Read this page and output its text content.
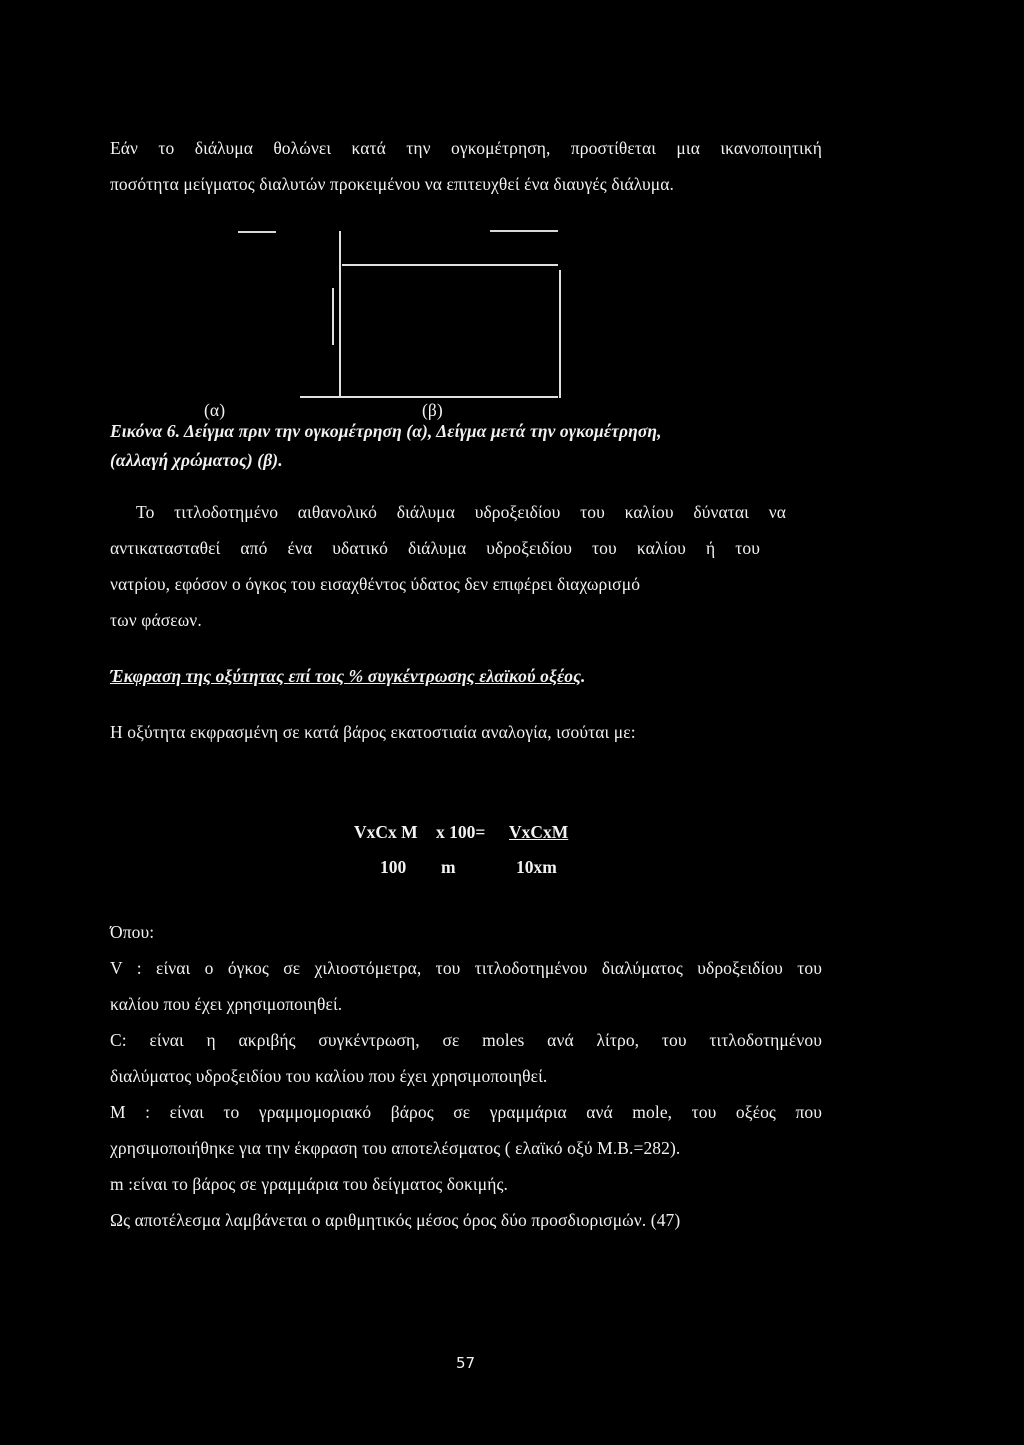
Εάν το διάλυμα θολώνει κατά την ογκομέτρηση, προστίθεται μια ικανοποιητική
ποσότητα μείγματος διαλυτών προκειμένου να επιτευχθεί ένα διαυγές διάλυμα.
(α)	(β)
Εικόνα 6. Δείγμα πριν την ογκομέτρηση (α), Δείγμα μετά την ογκομέτρηση,
(αλλαγή χρώματος) (β).
Το τιτλοδοτημένο αιθανολικό διάλυμα υδροξειδίου του καλίου δύναται να
αντικατασταθεί από ένα υδατικό διάλυμα υδροξειδίου του καλίου ή του
νατρίου, εφόσον ο όγκος του εισαχθέντος ύδατος δεν επιφέρει διαχωρισμό
των φάσεων.
Έκφραση της οξύτητας επί τοις % συγκέντρωσης ελαϊκού οξέος.
Η οξύτητα εκφρασμένη σε κατά βάρος εκατοστιαία αναλογία, ισούται με:
VxCx M x 100= VxCxM
100 m	10xm
Όπου:
V : είναι ο όγκος σε χιλιοστόμετρα, του τιτλοδοτημένου διαλύματος υδροξειδίου του
καλίου που έχει χρησιμοποιηθεί.
C: είναι η ακριβής συγκέντρωση, σε moles ανά λίτρο, του τιτλοδοτημένου
διαλύματος υδροξειδίου του καλίου που έχει χρησιμοποιηθεί.
M : είναι το γραμμομοριακό βάρος σε γραμμάρια ανά mole, του οξέος που
χρησιμοποιήθηκε για την έκφραση του αποτελέσματος ( ελαϊκό οξύ Μ.Β.=282).
m :είναι το βάρος σε γραμμάρια του δείγματος δοκιμής.
Ως αποτέλεσμα λαμβάνεται ο αριθμητικός μέσος όρος δύο προσδιορισμών. (47)
57
